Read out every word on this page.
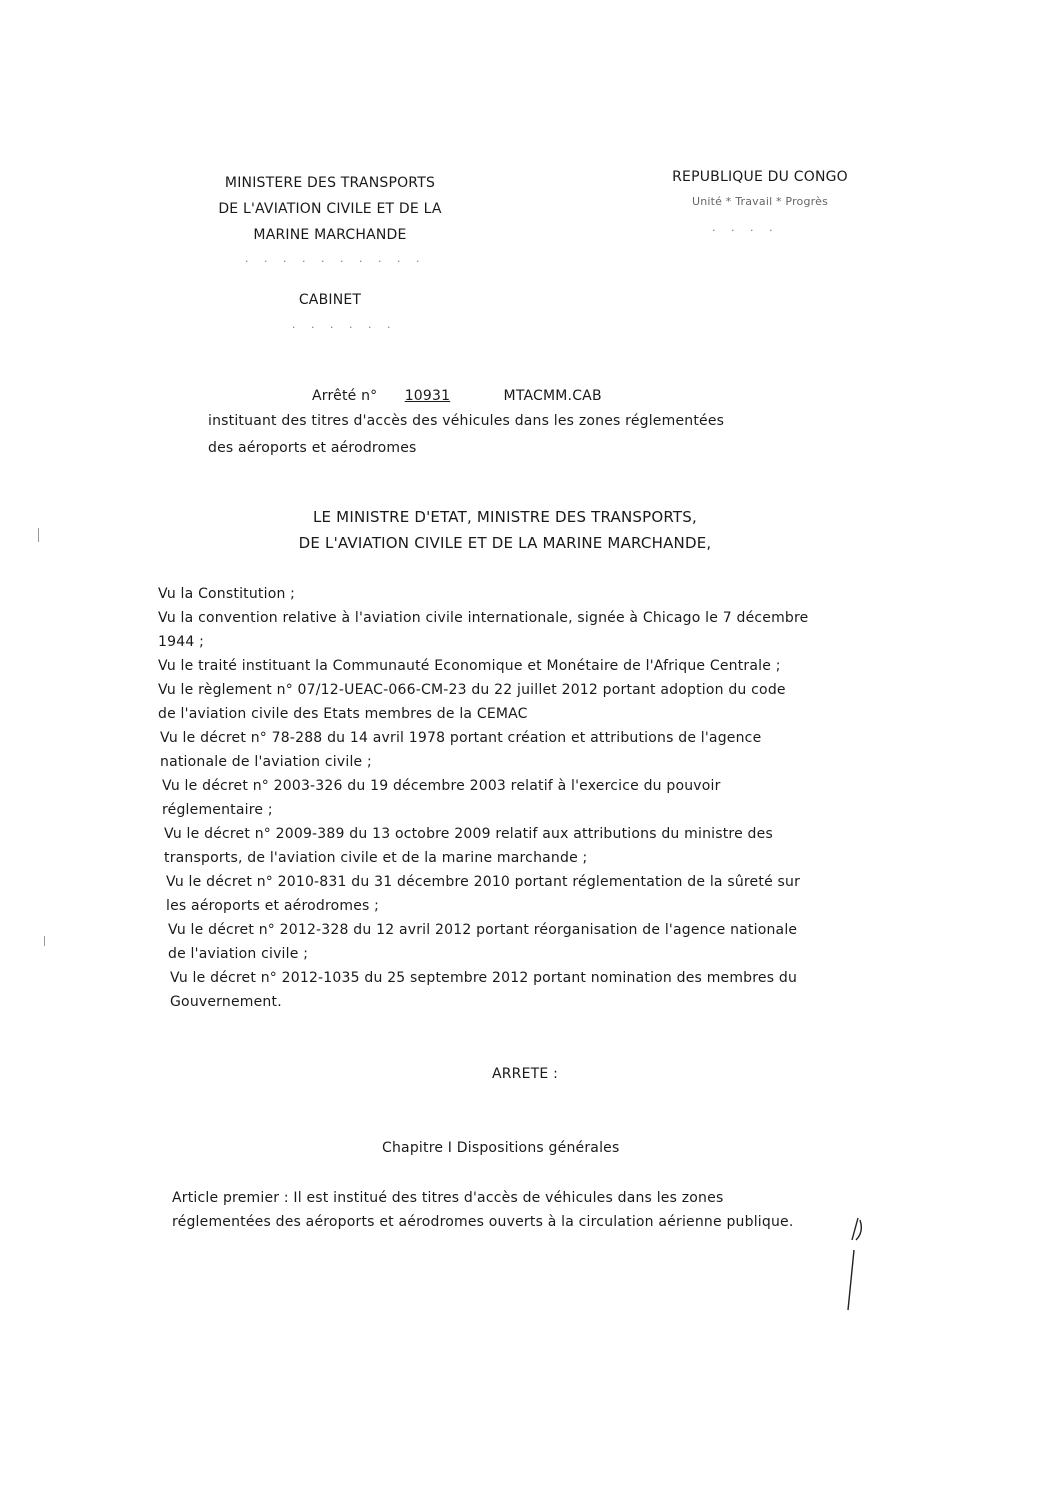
MINISTERE DES TRANSPORTS
DE L'AVIATION CIVILE ET DE LA
MARINE MARCHANDE
. . . . . . . . . .
REPUBLIQUE DU CONGO
Unité * Travail * Progrès
. . . .
CABINET
. . . . . .
Arrêté n° 10931	MTACMM.CAB
instituant des titres d'accès des véhicules dans les zones réglementées
des aéroports et aérodromes
LE MINISTRE D'ETAT, MINISTRE DES TRANSPORTS,
DE L'AVIATION CIVILE ET DE LA MARINE MARCHANDE,
Vu la Constitution ;
Vu la convention relative à l'aviation civile internationale, signée à Chicago le 7 décembre
1944 ;
Vu le traité instituant la Communauté Economique et Monétaire de l'Afrique Centrale ;
Vu le règlement n° 07/12-UEAC-066-CM-23 du 22 juillet 2012 portant adoption du code
de l'aviation civile des Etats membres de la CEMAC
Vu le décret n° 78-288 du 14 avril 1978 portant création et attributions de l'agence
nationale de l'aviation civile ;
Vu le décret n° 2003-326 du 19 décembre 2003 relatif à l'exercice du pouvoir
réglementaire ;
Vu le décret n° 2009-389 du 13 octobre 2009 relatif aux attributions du ministre des
transports, de l'aviation civile et de la marine marchande ;
Vu le décret n° 2010-831 du 31 décembre 2010 portant réglementation de la sûreté sur
les aéroports et aérodromes ;
Vu le décret n° 2012-328 du 12 avril 2012 portant réorganisation de l'agence nationale
de l'aviation civile ;
Vu le décret n° 2012-1035 du 25 septembre 2012 portant nomination des membres du
Gouvernement.
ARRETE :
Chapitre I Dispositions générales
Article premier : Il est institué des titres d'accès de véhicules dans les zones
réglementées des aéroports et aérodromes ouverts à la circulation aérienne publique.
